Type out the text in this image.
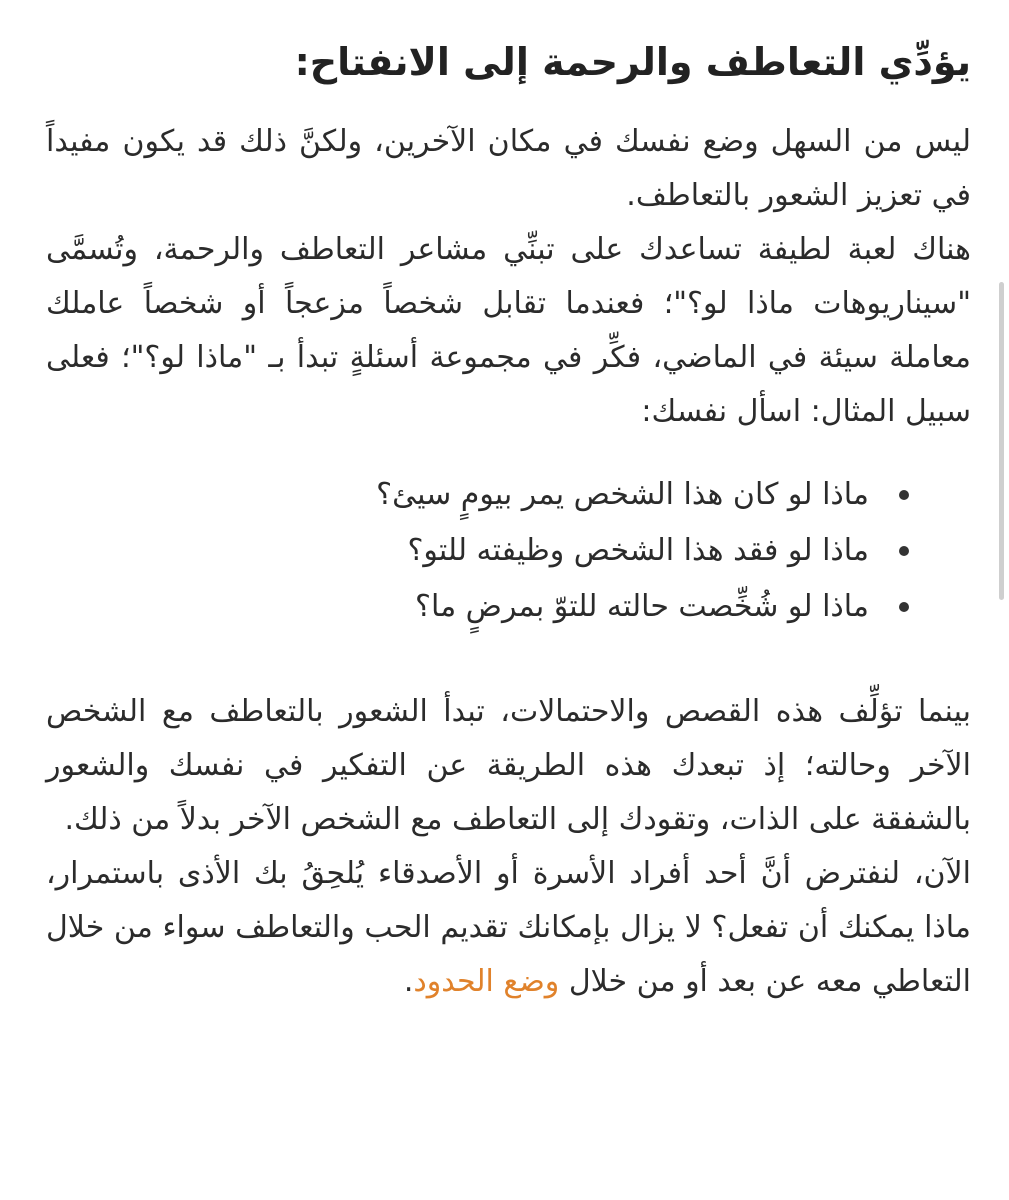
يؤدِّي التعاطف والرحمة إلى الانفتاح:

ليس من السهل وضع نفسك في مكان الآخرين، ولكنَّ ذلك قد يكون مفيداً في تعزيز الشعور بالتعاطف.

هناك لعبة لطيفة تساعدك على تبنِّي مشاعر التعاطف والرحمة، وتُسمَّى "سيناريوهات ماذا لو؟"؛ فعندما تقابل شخصاً مزعجاً أو شخصاً عاملك معاملة سيئة في الماضي، فكِّر في مجموعة أسئلةٍ تبدأ بـ "ماذا لو؟"؛ فعلى سبيل المثال: اسأل نفسك:

ماذا لو كان هذا الشخص يمر بيومٍ سيئ؟
ماذا لو فقد هذا الشخص وظيفته للتو؟
ماذا لو شُخِّصت حالته للتوّ بمرضٍ ما؟

بينما تؤلِّف هذه القصص والاحتمالات، تبدأ الشعور بالتعاطف مع الشخص الآخر وحالته؛ إذ تبعدك هذه الطريقة عن التفكير في نفسك والشعور بالشفقة على الذات، وتقودك إلى التعاطف مع الشخص الآخر بدلاً من ذلك.

الآن، لنفترض أنَّ أحد أفراد الأسرة أو الأصدقاء يُلحِقُ بك الأذى باستمرار، ماذا يمكنك أن تفعل؟ لا يزال بإمكانك تقديم الحب والتعاطف سواء من خلال التعاطي معه عن بعد أو من خلال وضع الحدود.
